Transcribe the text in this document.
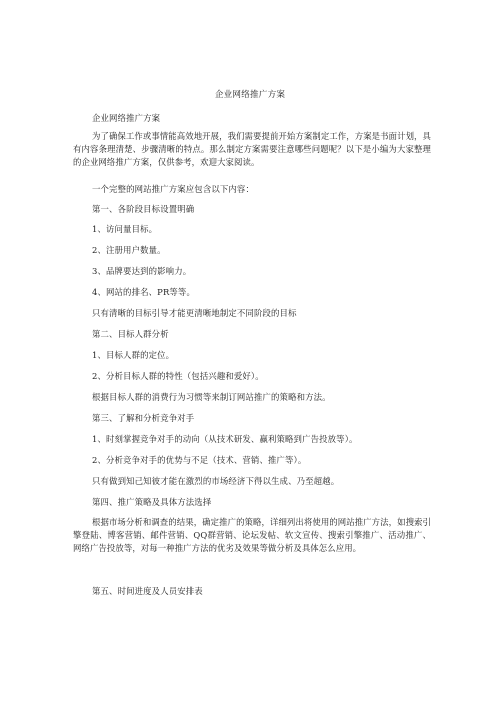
企业网络推广方案
企业网络推广方案
为了确保工作或事情能高效地开展，我们需要提前开始方案制定工作，方案是书面计划，具有内容条理清楚、步骤清晰的特点。那么制定方案需要注意哪些问题呢？以下是小编为大家整理的企业网络推广方案，仅供参考，欢迎大家阅读。
一个完整的网站推广方案应包含以下内容：
第一、各阶段目标设置明确
1、访问量目标。
2、注册用户数量。
3、品牌要达到的影响力。
4、网站的排名、PR等等。
只有清晰的目标引导才能更清晰地制定不同阶段的目标
第二、目标人群分析
1、目标人群的定位。
2、分析目标人群的特性（包括兴趣和爱好）。
根据目标人群的消费行为习惯等来制订网站推广的策略和方法。
第三、了解和分析竞争对手
1、时刻掌握竞争对手的动向（从技术研发、赢利策略到广告投放等）。
2、分析竞争对手的优势与不足（技术、营销、推广等）。
只有做到知己知彼才能在激烈的市场经济下得以生成、乃至超越。
第四、推广策略及具体方法选择
根据市场分析和调查的结果，确定推广的策略，详细列出将使用的网站推广方法，如搜索引擎登陆、博客营销、邮件营销、QQ群营销、论坛发帖、软文宣传、搜索引擎推广、活动推广、网络广告投放等，对每一种推广方法的优劣及效果等做分析及具体怎么应用。
第五、时间进度及人员安排表
